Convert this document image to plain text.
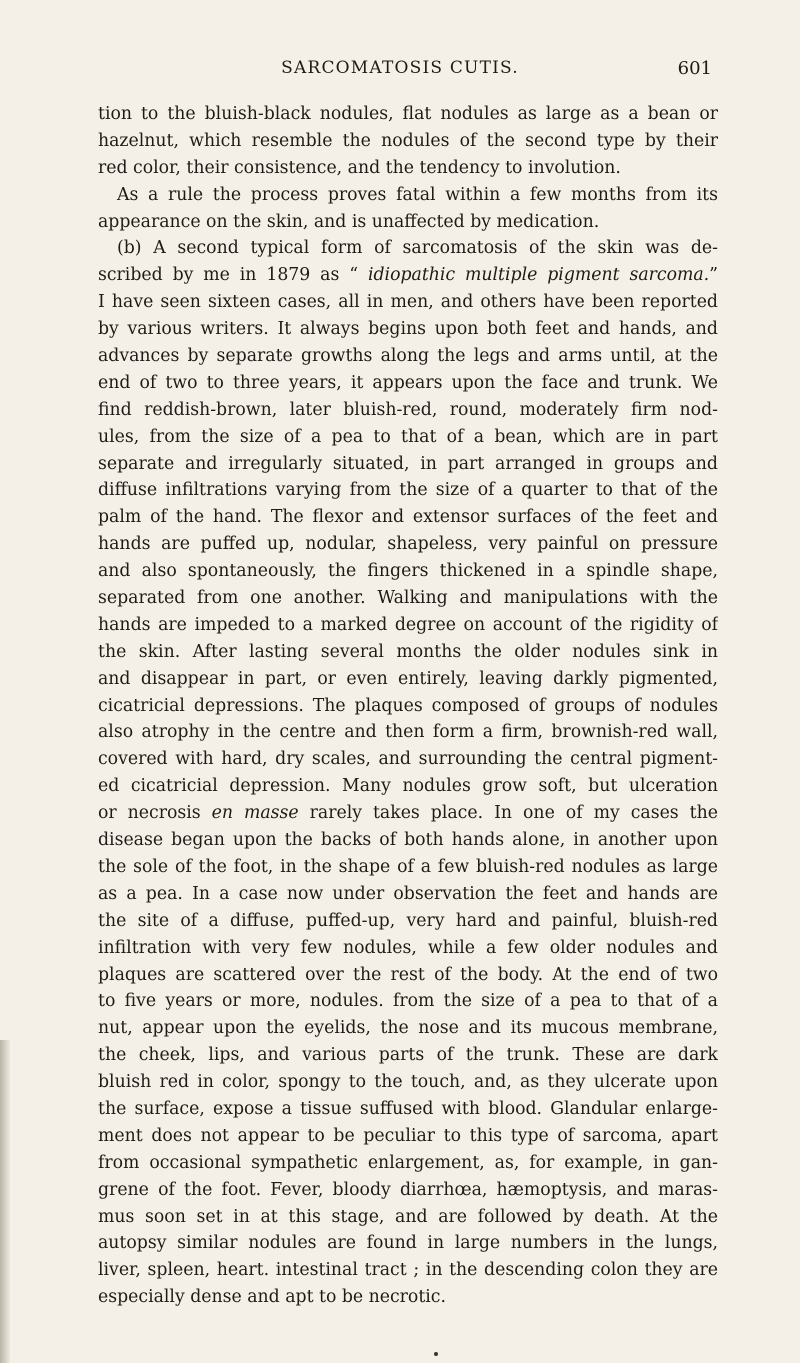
SARCOMATOSIS CUTIS.	601
tion to the bluish-black nodules, flat nodules as large as a bean or
hazelnut, which resemble the nodules of the second type by their
red color, their consistence, and the tendency to involution.
As a rule the process proves fatal within a few months from its
appearance on the skin, and is unaffected by medication.
(b) A second typical form of sarcomatosis of the skin was de-
scribed by me in 1879 as “ idiopathic multiple pigment sarcoma.”
I have seen sixteen cases, all in men, and others have been reported
by various writers. It always begins upon both feet and hands, and
advances by separate growths along the legs and arms until, at the
end of two to three years, it appears upon the face and trunk. We
find reddish-brown, later bluish-red, round, moderately firm nod-
ules, from the size of a pea to that of a bean, which are in part
separate and irregularly situated, in part arranged in groups and
diffuse infiltrations varying from the size of a quarter to that of the
palm of the hand. The flexor and extensor surfaces of the feet and
hands are puffed up, nodular, shapeless, very painful on pressure
and also spontaneously, the fingers thickened in a spindle shape,
separated from one another. Walking and manipulations with the
hands are impeded to a marked degree on account of the rigidity of
the skin. After lasting several months the older nodules sink in
and disappear in part, or even entirely, leaving darkly pigmented,
cicatricial depressions. The plaques composed of groups of nodules
also atrophy in the centre and then form a firm, brownish-red wall,
covered with hard, dry scales, and surrounding the central pigment-
ed cicatricial depression. Many nodules grow soft, but ulceration
or necrosis en masse rarely takes place. In one of my cases the
disease began upon the backs of both hands alone, in another upon
the sole of the foot, in the shape of a few bluish-red nodules as large
as a pea. In a case now under observation the feet and hands are
the site of a diffuse, puffed-up, very hard and painful, bluish-red
infiltration with very few nodules, while a few older nodules and
plaques are scattered over the rest of the body. At the end of two
to five years or more, nodules. from the size of a pea to that of a
nut, appear upon the eyelids, the nose and its mucous membrane,
the cheek, lips, and various parts of the trunk. These are dark
bluish red in color, spongy to the touch, and, as they ulcerate upon
the surface, expose a tissue suffused with blood. Glandular enlarge-
ment does not appear to be peculiar to this type of sarcoma, apart
from occasional sympathetic enlargement, as, for example, in gan-
grene of the foot. Fever, bloody diarrhœa, hæmoptysis, and maras-
mus soon set in at this stage, and are followed by death. At the
autopsy similar nodules are found in large numbers in the lungs,
liver, spleen, heart. intestinal tract ; in the descending colon they are
especially dense and apt to be necrotic.
